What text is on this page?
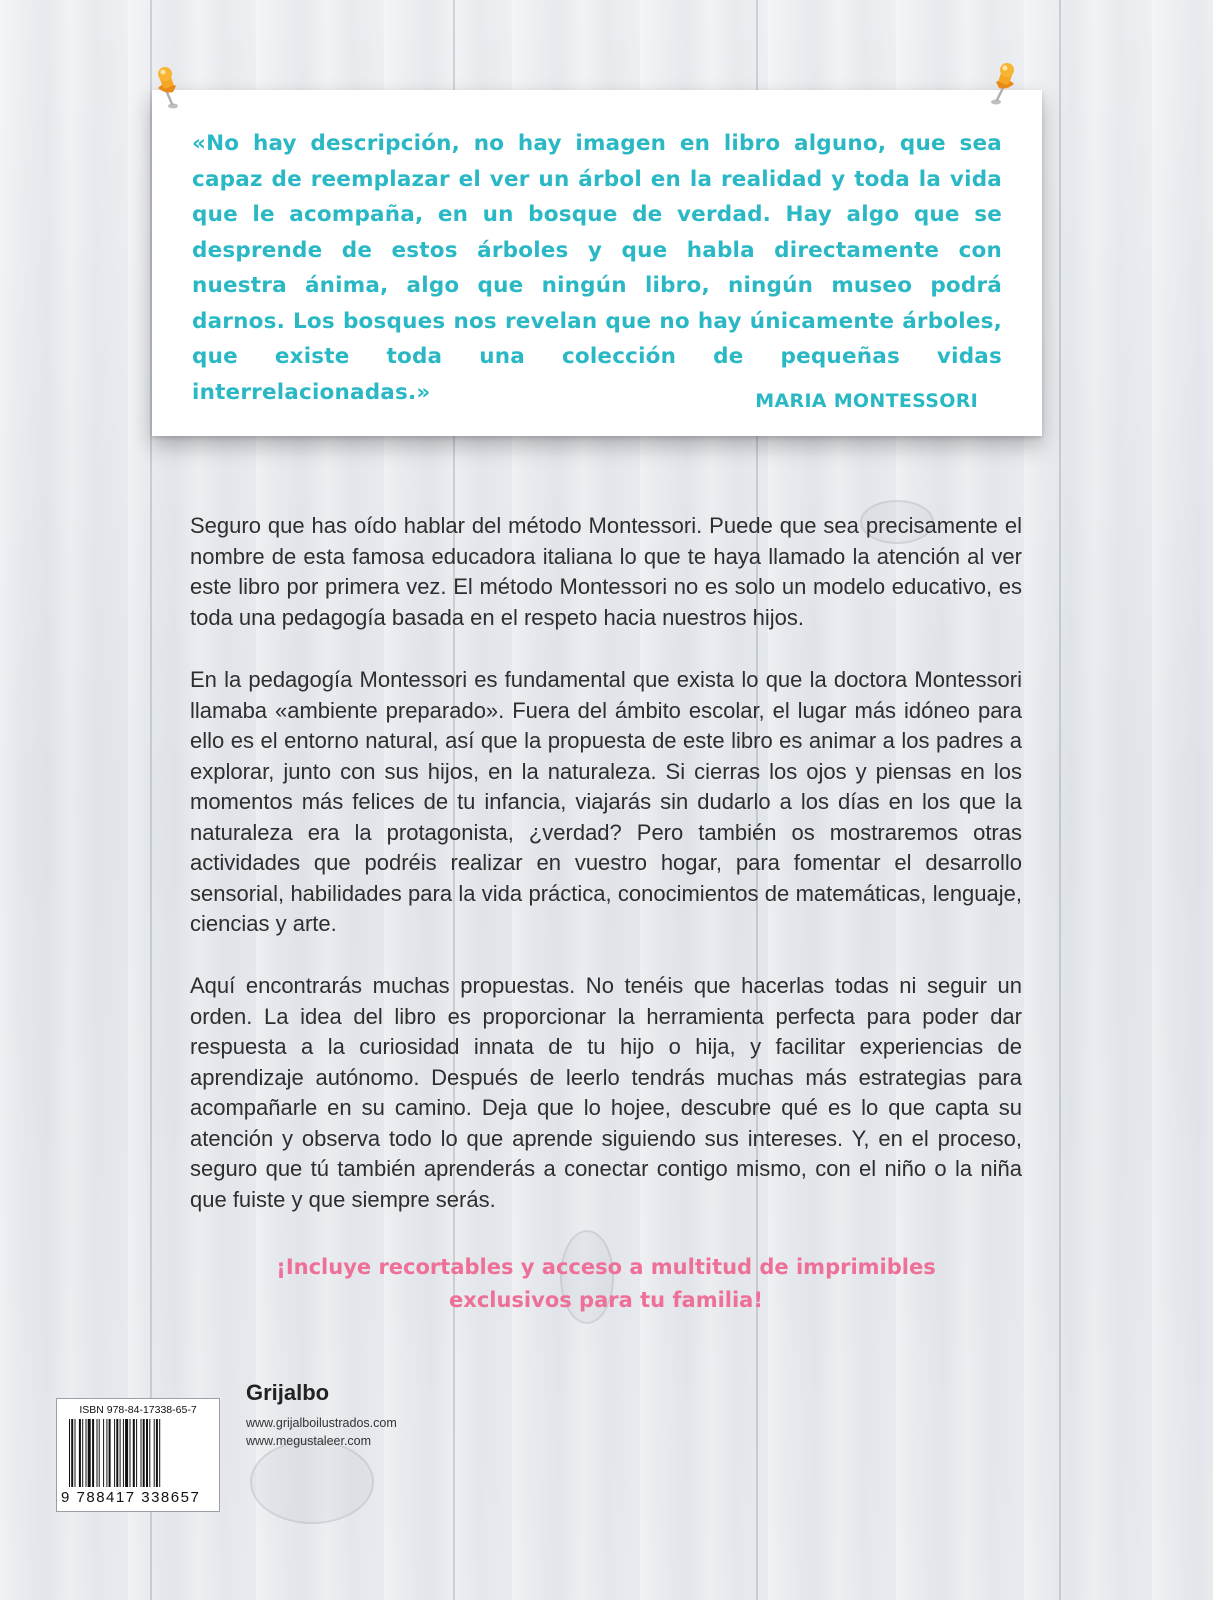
«No hay descripción, no hay imagen en libro alguno, que sea capaz de reemplazar el ver un árbol en la realidad y toda la vida que le acompaña, en un bosque de verdad. Hay algo que se desprende de estos árboles y que habla directamente con nuestra ánima, algo que ningún libro, ningún museo podrá darnos. Los bosques nos revelan que no hay únicamente árboles, que existe toda una colección de pequeñas vidas interrelacionadas.»	MARIA MONTESSORI

Seguro que has oído hablar del método Montessori. Puede que sea precisamente el nombre de esta famosa educadora italiana lo que te haya llamado la atención al ver este libro por primera vez. El método Montessori no es solo un modelo educativo, es toda una pedagogía basada en el respeto hacia nuestros hijos.

En la pedagogía Montessori es fundamental que exista lo que la doctora Montessori llamaba «ambiente preparado». Fuera del ámbito escolar, el lugar más idóneo para ello es el entorno natural, así que la propuesta de este libro es animar a los padres a explorar, junto con sus hijos, en la naturaleza. Si cierras los ojos y piensas en los momentos más felices de tu infancia, viajarás sin dudarlo a los días en los que la naturaleza era la protagonista, ¿verdad? Pero también os mostraremos otras actividades que podréis realizar en vuestro hogar, para fomentar el desarrollo sensorial, habilidades para la vida práctica, conocimientos de matemáticas, lenguaje, ciencias y arte.

Aquí encontrarás muchas propuestas. No tenéis que hacerlas todas ni seguir un orden. La idea del libro es proporcionar la herramienta perfecta para poder dar respuesta a la curiosidad innata de tu hijo o hija, y facilitar experiencias de aprendizaje autónomo. Después de leerlo tendrás muchas más estrategias para acompañarle en su camino. Deja que lo hojee, descubre qué es lo que capta su atención y observa todo lo que aprende siguiendo sus intereses. Y, en el proceso, seguro que tú también aprenderás a conectar contigo mismo, con el niño o la niña que fuiste y que siempre serás.

¡Incluye recortables y acceso a multitud de imprimibles
exclusivos para tu familia!
ISBN 978-84-17338-65-7
9 788417 338657
Grijalbo
www.grijalboilustrados.com
www.megustaleer.com
